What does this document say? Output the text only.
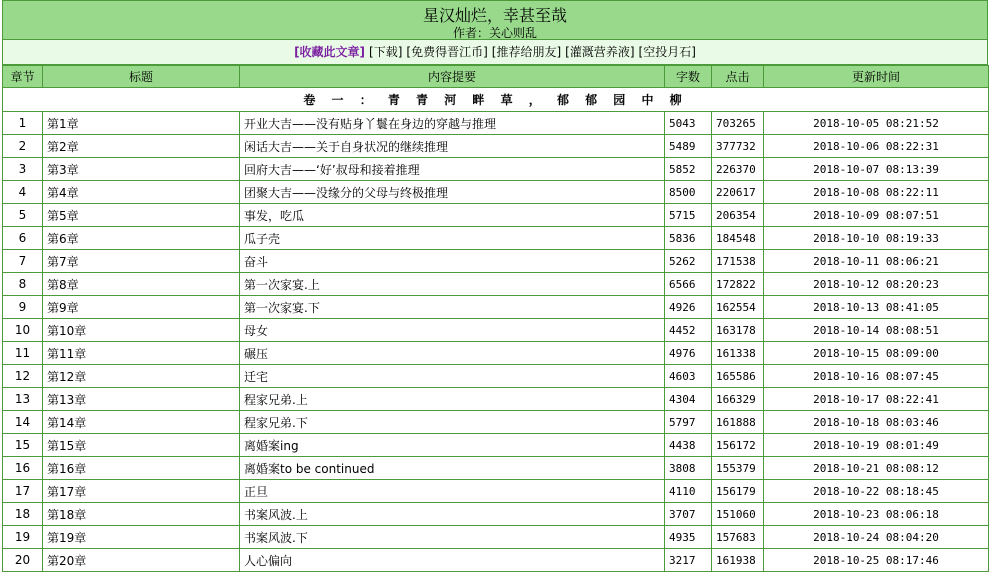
星汉灿烂，幸甚至哉
作者：关心则乱
[收藏此文章] [下载] [免费得晋江币] [推荐给朋友] [灌溉营养液] [空投月石]
章节	标题	内容提要	字数	点击	更新时间
卷 一 ： 青 青 河 畔 草 ， 郁 郁 园 中 柳					
1	第1章	开业大吉——没有贴身丫鬟在身边的穿越与推理	5043	703265	2018-10-05 08:21:52
2	第2章	闲话大吉——关于自身状况的继续推理	5489	377732	2018-10-06 08:22:31
3	第3章	回府大吉——‘好’叔母和接着推理	5852	226370	2018-10-07 08:13:39
4	第4章	团聚大吉——没缘分的父母与终极推理	8500	220617	2018-10-08 08:22:11
5	第5章	事发，吃瓜	5715	206354	2018-10-09 08:07:51
6	第6章	瓜子壳	5836	184548	2018-10-10 08:19:33
7	第7章	奋斗	5262	171538	2018-10-11 08:06:21
8	第8章	第一次家宴.上	6566	172822	2018-10-12 08:20:23
9	第9章	第一次家宴.下	4926	162554	2018-10-13 08:41:05
10	第10章	母女	4452	163178	2018-10-14 08:08:51
11	第11章	碾压	4976	161338	2018-10-15 08:09:00
12	第12章	迁宅	4603	165586	2018-10-16 08:07:45
13	第13章	程家兄弟.上	4304	166329	2018-10-17 08:22:41
14	第14章	程家兄弟.下	5797	161888	2018-10-18 08:03:46
15	第15章	离婚案ing	4438	156172	2018-10-19 08:01:49
16	第16章	离婚案to be continued	3808	155379	2018-10-21 08:08:12
17	第17章	正旦	4110	156179	2018-10-22 08:18:45
18	第18章	书案风波.上	3707	151060	2018-10-23 08:06:18
19	第19章	书案风波.下	4935	157683	2018-10-24 08:04:20
20	第20章	人心偏向	3217	161938	2018-10-25 08:17:46
